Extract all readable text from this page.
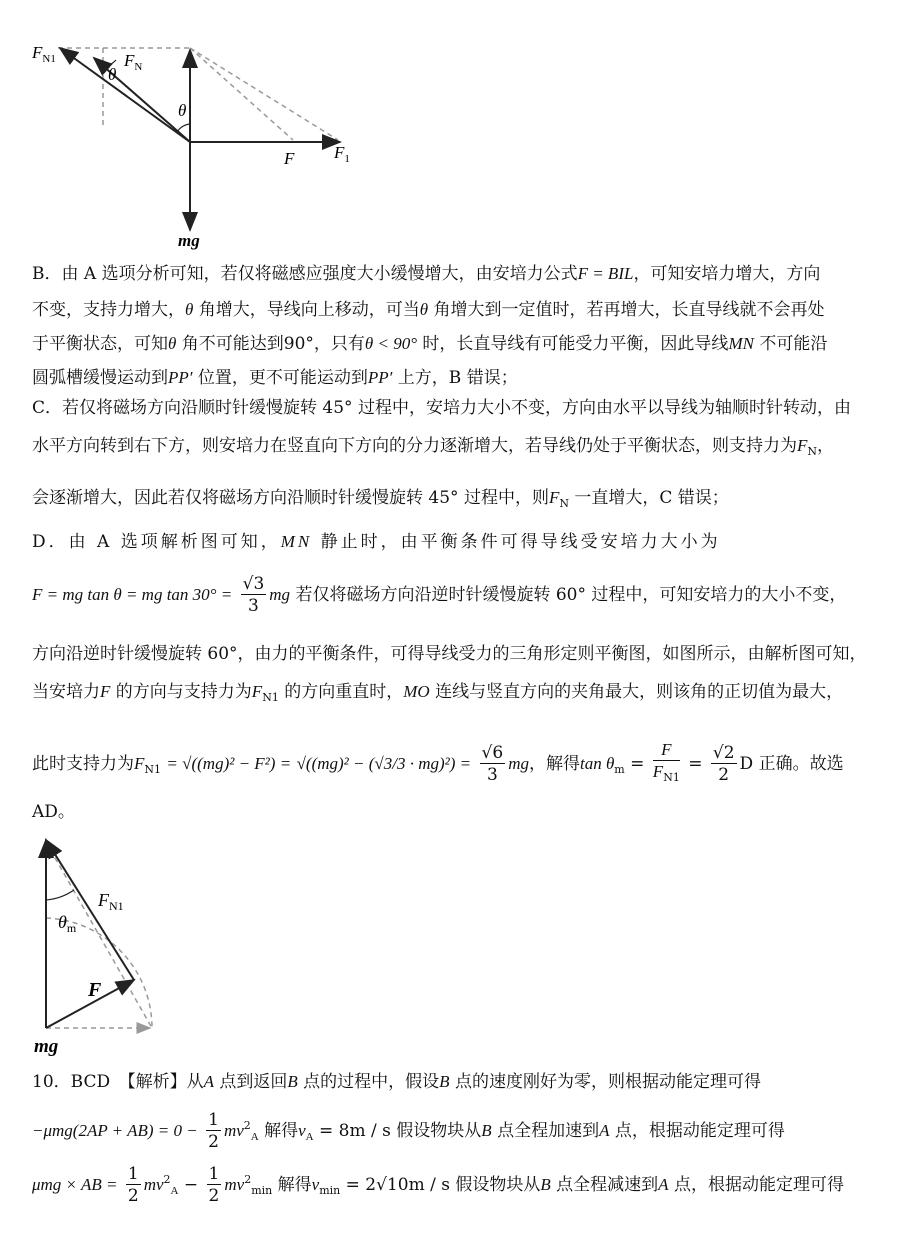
$F_{N1}$	$F_N$
θ
θ
F $F_1$
mg
B．由 A 选项分析可知，若仅将磁感应强度大小缓慢增大，由安培力公式F = BIL，可知安培力增大，方向
不变，支持力增大，θ 角增大，导线向上移动，可当θ 角增大到一定值时，若再增大，长直导线就不会再处
于平衡状态，可知θ 角不可能达到90°，只有θ < 90° 时，长直导线有可能受力平衡，因此导线MN 不可能沿
圆弧槽缓慢运动到PP′ 位置，更不可能运动到PP′ 上方，B 错误；
C．若仅将磁场方向沿顺时针缓慢旋转 45° 过程中，安培力大小不变，方向由水平以导线为轴顺时针转动，由
水平方向转到右下方，则安培力在竖直向下方向的分力逐渐增大，若导线仍处于平衡状态，则支持力为$F_N$，
会逐渐增大，因此若仅将磁场方向沿顺时针缓慢旋转 45° 过程中，则$F_N$ 一直增大，C 错误；
D．由 A 选项解析图可知，MN 静止时，由平衡条件可得导线受安培力大小为
F = mg tan θ = mg $\tan 30^\circ = \frac{√3}{3}$ mg 若仅将磁场方向沿逆时针缓慢旋转 60° 过程中，可知安培力的大小不变，
方向沿逆时针缓慢旋转 60°，由力的平衡条件，可得导线受力的三角形定则平衡图，如图所示，由解析图可知，
当安培力F 的方向与支持力为$F_{N1}$ 的方向重直时，MO 连线与竖直方向的夹角最大，则该角的正切值为最大，
此时支持力为$F_{N1} = √((mg)^2 - F^2) = √((mg)^2 - (√3/3 \cdot mg)^2) = \frac{√6}{3}$ mg，解得$\tan \theta_m = \frac{F}{F_{N1}} = \frac{√2}{2}$ D 正确。故选
AD。
$F_{N1}$
$\theta_m$
F
mg
10．BCD　【解析】从A 点到返回B 点的过程中，假设B 点的速度刚好为零，则根据动能定理可得
$-\mu mg(2AP + AB) = 0 - \frac{1}{2} mv^2_A$ 解得$v_A = 8m / s$ 假设物块从B 点全程加速到A 点，根据动能定理可得
μmg × AB = $\frac{1}{2} mv^2_A - \frac{1}{2} mv^2_{min}$ 解得$v_{min} = 2√10m / s$ 假设物块从B 点全程减速到A 点，根据动能定理可得
